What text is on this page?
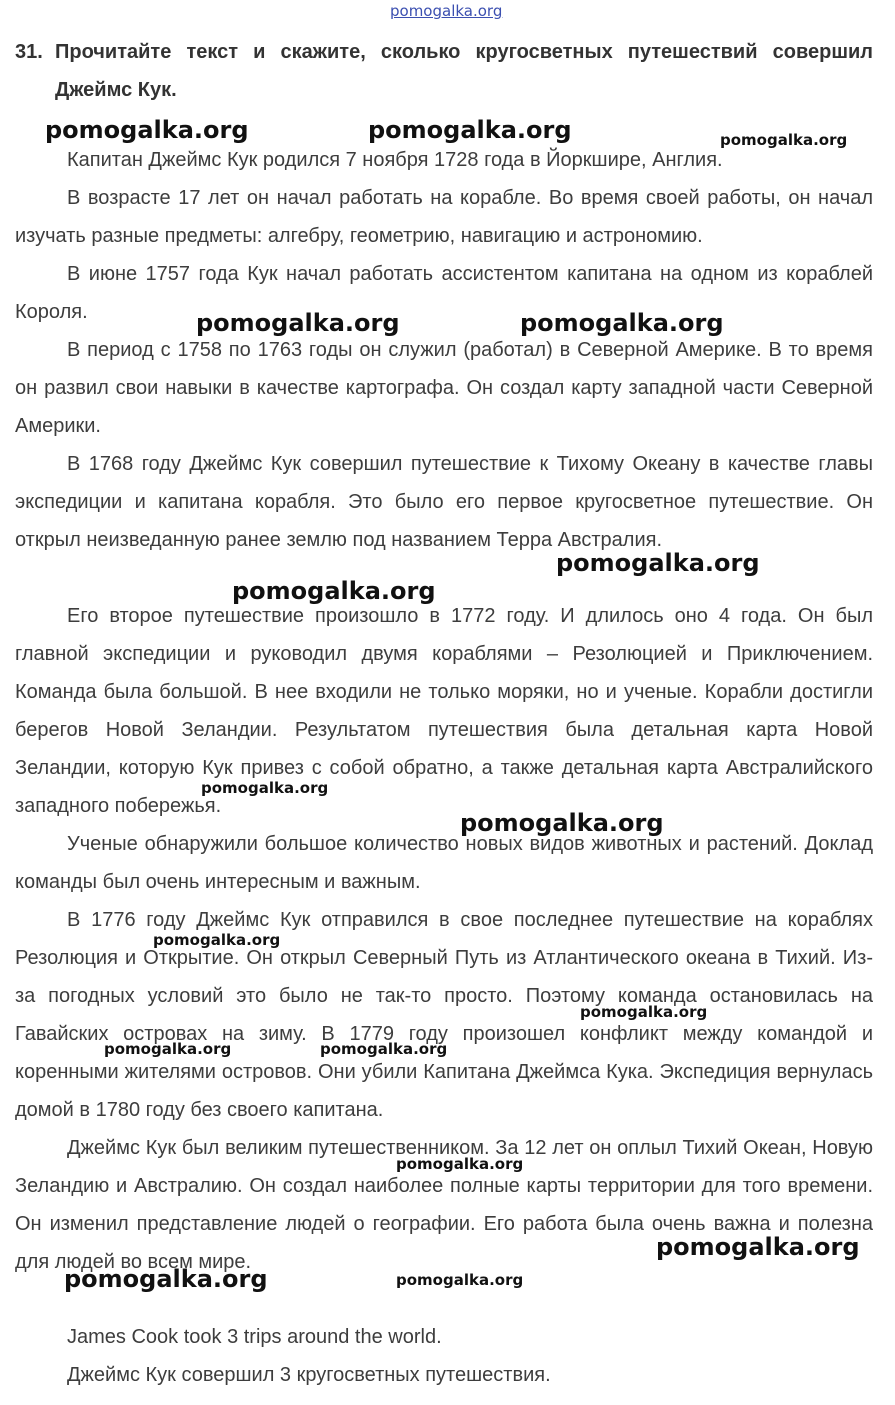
pomogalka.org
31. Прочитайте текст и скажите, сколько кругосветных путешествий совершил Джеймс Кук.
Капитан Джеймс Кук родился 7 ноября 1728 года в Йоркшире, Англия.
В возрасте 17 лет он начал работать на корабле. Во время своей работы, он начал изучать разные предметы: алгебру, геометрию, навигацию и астрономию.
В июне 1757 года Кук начал работать ассистентом капитана на одном из кораблей Короля.
В период с 1758 по 1763 годы он служил (работал) в Северной Америке. В то время он развил свои навыки в качестве картографа. Он создал карту западной части Северной Америки.
В 1768 году Джеймс Кук совершил путешествие к Тихому Океану в качестве главы экспедиции и капитана корабля. Это было его первое кругосветное путешествие. Он открыл неизведанную ранее землю под названием Терра Австралия.
Его второе путешествие произошло в 1772 году. И длилось оно 4 года. Он был главной экспедиции и руководил двумя кораблями – Резолюцией и Приключением. Команда была большой. В нее входили не только моряки, но и ученые. Корабли достигли берегов Новой Зеландии. Результатом путешествия была детальная карта Новой Зеландии, которую Кук привез с собой обратно, а также детальная карта Австралийского западного побережья.
Ученые обнаружили большое количество новых видов животных и растений. Доклад команды был очень интересным и важным.
В 1776 году Джеймс Кук отправился в свое последнее путешествие на кораблях Резолюция и Открытие. Он открыл Северный Путь из Атлантического океана в Тихий. Из-за погодных условий это было не так-то просто. Поэтому команда остановилась на Гавайских островах на зиму. В 1779 году произошел конфликт между командой и коренными жителями островов. Они убили Капитана Джеймса Кука. Экспедиция вернулась домой в 1780 году без своего капитана.
Джеймс Кук был великим путешественником. За 12 лет он оплыл Тихий Океан, Новую Зеландию и Австралию. Он создал наиболее полные карты территории для того времени. Он изменил представление людей о географии. Его работа была очень важна и полезна для людей во всем мире.
James Cook took 3 trips around the world.
Джеймс Кук совершил 3 кругосветных путешествия.
pomogalka.org	pomogalka.org	pomogalka.org
pomogalka.org	pomogalka.org
pomogalka.org
pomogalka.org
pomogalka.org
pomogalka.org
pomogalka.org
pomogalka.org
pomogalka.org	pomogalka.org
pomogalka.org
pomogalka.org
pomogalka.org	pomogalka.org
